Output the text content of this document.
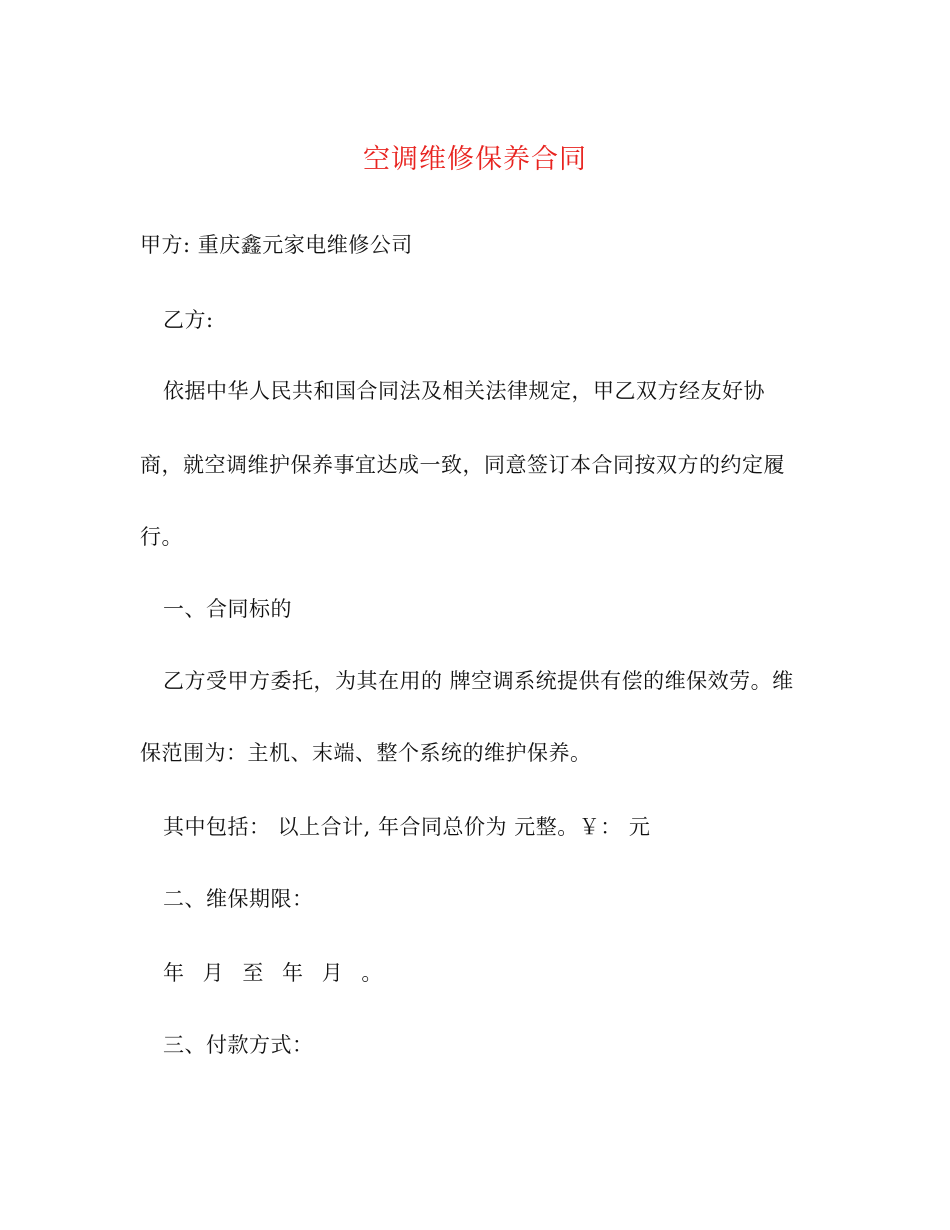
空调维修保养合同
甲方: 重庆鑫元家电维修公司
乙方:
依据中华人民共和国合同法及相关法律规定，甲乙双方经友好协
商，就空调维护保养事宜达成一致，同意签订本合同按双方的约定履
行。
一、合同标的
乙方受甲方委托，为其在用的 牌空调系统提供有偿的维保效劳。维
保范围为：主机、末端、整个系统的维护保养。
其中包括： 以上合计, 年合同总价为 元整。￥： 元
二、维保期限：
年 月 至 年 月 。
三、付款方式：
